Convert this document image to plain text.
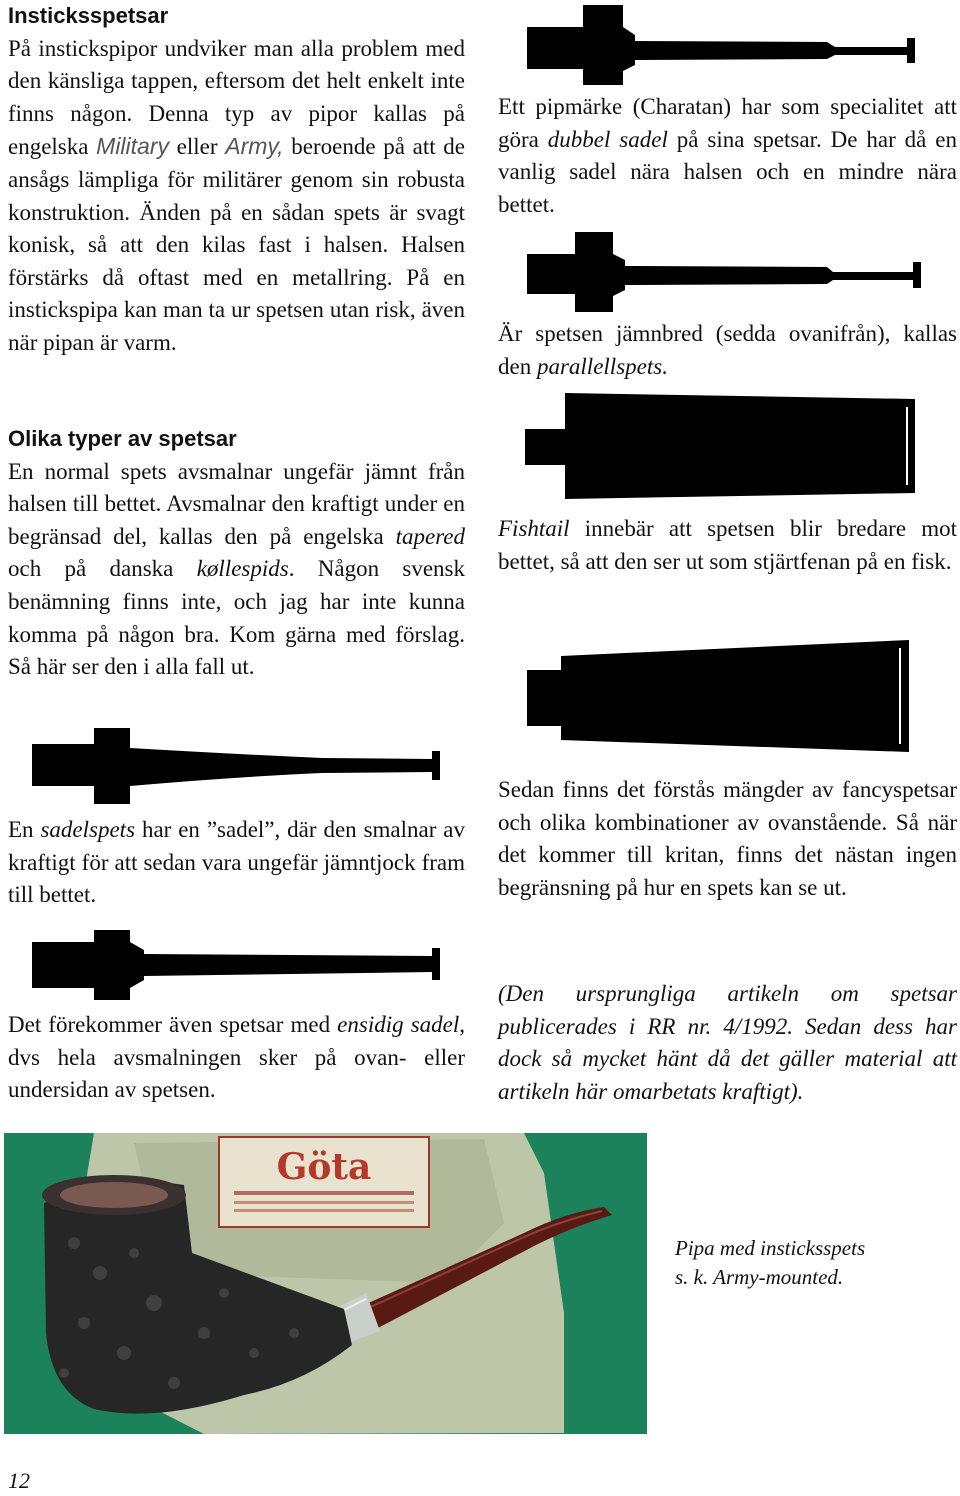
Insticksspetsar

På instickspipor undviker man alla problem med den känsliga tappen, eftersom det helt enkelt inte finns någon. Denna typ av pipor kallas på engelska Military eller Army, beroende på att de ansågs lämpliga för militärer genom sin robusta konstruktion. Änden på en sådan spets är svagt konisk, så att den kilas fast i halsen. Halsen förstärks då oftast med en metallring. På en instickspipa kan man ta ur spetsen utan risk, även när pipan är varm.

Olika typer av spetsar

En normal spets avsmalnar ungefär jämnt från halsen till bettet. Avsmalnar den kraftigt under en begränsad del, kallas den på engelska tapered och på danska køllespids. Någon svensk benämning finns inte, och jag har inte kunna komma på någon bra. Kom gärna med förslag. Så här ser den i alla fall ut.

En sadelspets har en ”sadel”, där den smalnar av kraftigt för att sedan vara ungefär jämntjock fram till bettet.

Det förekommer även spetsar med ensidig sadel, dvs hela avsmalningen sker på ovan- eller undersidan av spetsen.

Ett pipmärke (Charatan) har som specialitet att göra dubbel sadel på sina spetsar. De har då en vanlig sadel nära halsen och en mindre nära bettet.

Är spetsen jämnbred (sedda ovanifrån), kallas den parallellspets.

Fishtail innebär att spetsen blir bredare mot bettet, så att den ser ut som stjärtfenan på en fisk.

Sedan finns det förstås mängder av fancyspetsar och olika kombinationer av ovanstående. Så när det kommer till kritan, finns det nästan ingen begränsning på hur en spets kan se ut.

(Den ursprungliga artikeln om spetsar publicerades i RR nr. 4/1992. Sedan dess har dock så mycket hänt då det gäller material att artikeln här omarbetats kraftigt).

Göta
Pipa med insticksspets
s. k. Army-mounted.
12
